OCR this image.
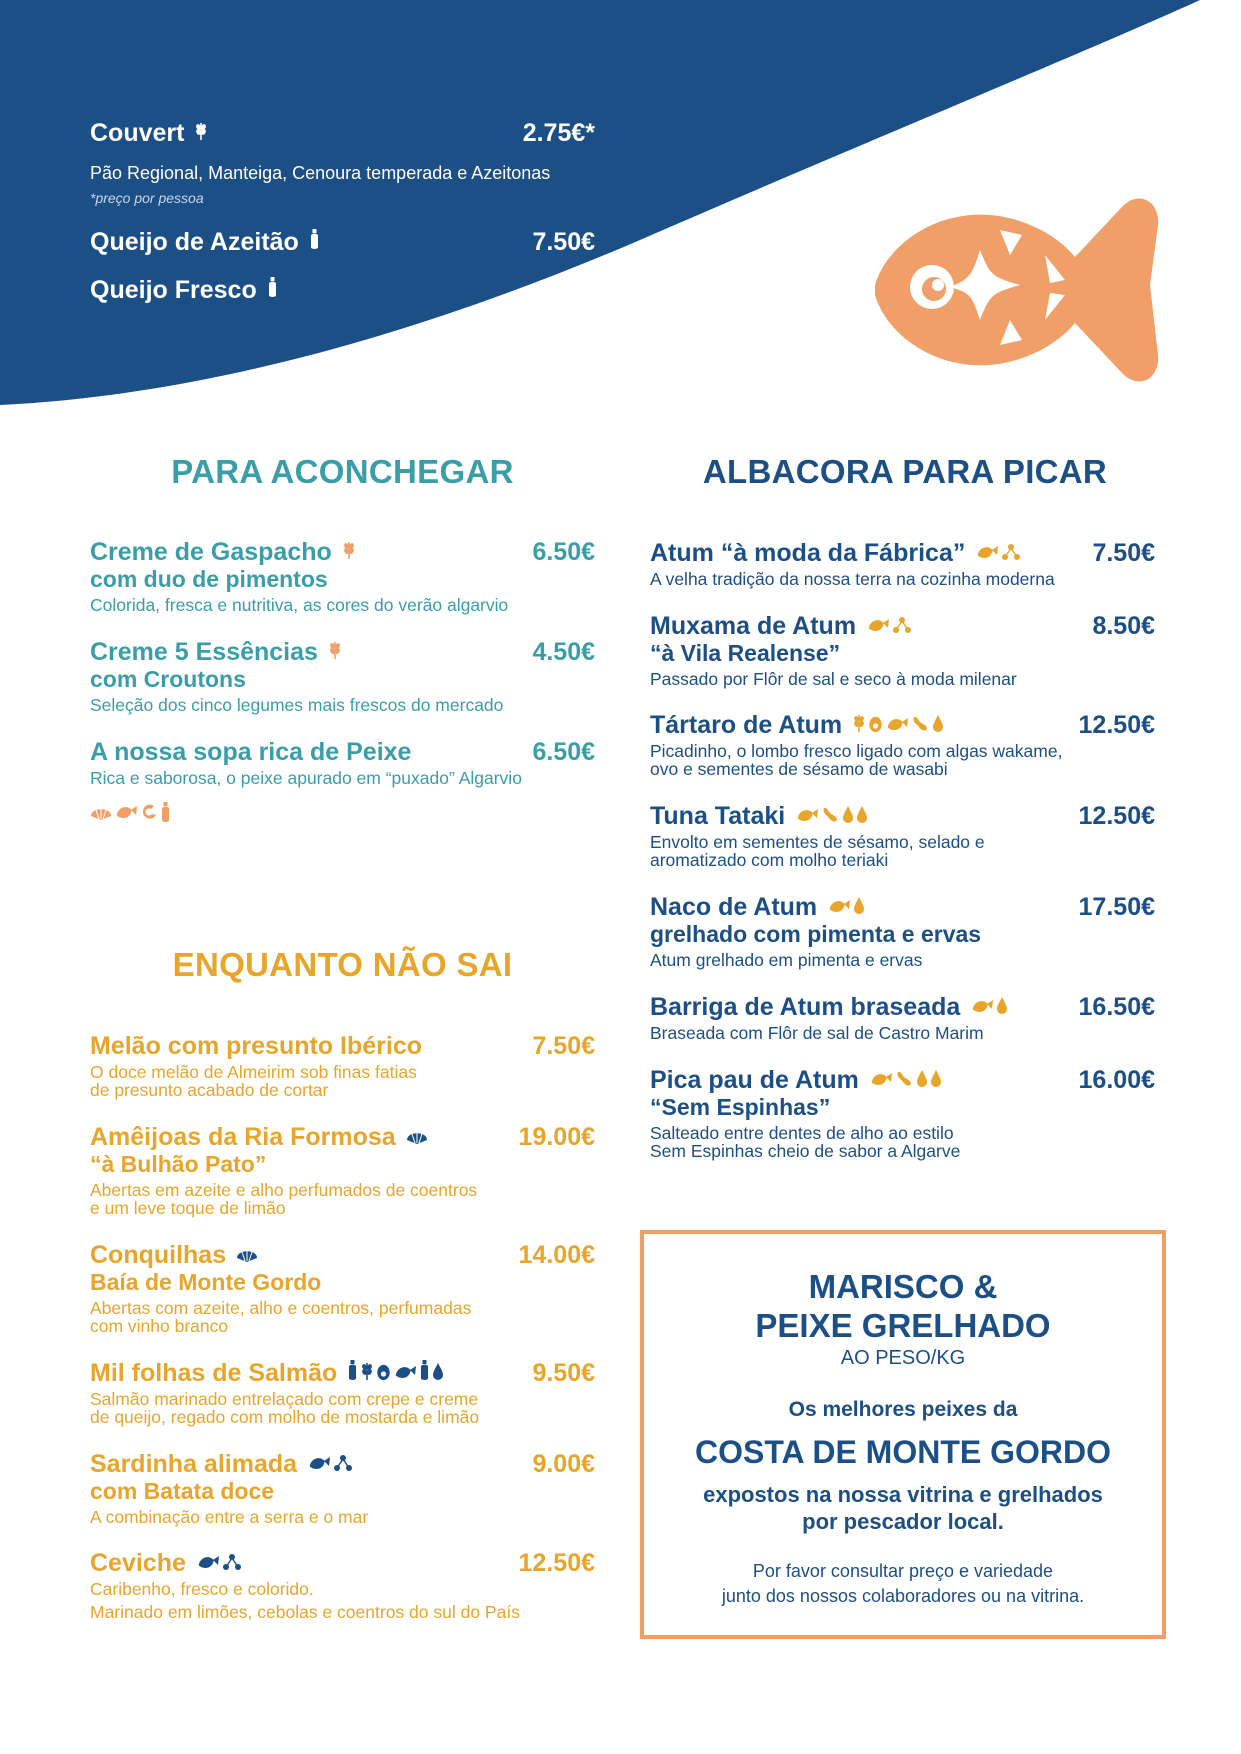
Couvert	2.75€*
Pão Regional, Manteiga, Cenoura temperada e Azeitonas
*preço por pessoa
Queijo de Azeitão	7.50€
Queijo Fresco	4.50€
PARA ACONCHEGAR	ALBACORA PARA PICAR
ENQUANTO NÃO SAI
Creme de Gaspacho	6.50€
com duo de pimentos
Colorida, fresca e nutritiva, as cores do verão algarvio
Creme 5 Essências	4.50€
com Croutons
Seleção dos cinco legumes mais frescos do mercado
A nossa sopa rica de Peixe	6.50€
Rica e saborosa, o peixe apurado em “puxado” Algarvio
Melão com presunto Ibérico	7.50€
O doce melão de Almeirim sob finas fatias
de presunto acabado de cortar
Amêijoas da Ria Formosa	19.00€
“à Bulhão Pato”
Abertas em azeite e alho perfumados de coentros
e um leve toque de limão
Conquilhas	14.00€
Baía de Monte Gordo
Abertas com azeite, alho e coentros, perfumadas
com vinho branco
Mil folhas de Salmão	9.50€
Salmão marinado entrelaçado com crepe e creme
de queijo, regado com molho de mostarda e limão
Sardinha alimada	9.00€
com Batata doce
A combinação entre a serra e o mar
Ceviche	12.50€
Caribenho, fresco e colorido.
Marinado em limões, cebolas e coentros do sul do País
Atum “à moda da Fábrica”	7.50€
A velha tradição da nossa terra na cozinha moderna
Muxama de Atum	8.50€
“à Vila Realense”
Passado por Flôr de sal e seco à moda milenar
Tártaro de Atum	12.50€
Picadinho, o lombo fresco ligado com algas wakame,
ovo e sementes de sésamo de wasabi
Tuna Tataki	12.50€
Envolto em sementes de sésamo, selado e
aromatizado com molho teriaki
Naco de Atum	17.50€
grelhado com pimenta e ervas
Atum grelhado em pimenta e ervas
Barriga de Atum braseada	16.50€
Braseada com Flôr de sal de Castro Marim
Pica pau de Atum	16.00€
“Sem Espinhas”
Salteado entre dentes de alho ao estilo
Sem Espinhas cheio de sabor a Algarve
MARISCO &
PEIXE GRELHADO
AO PESO/KG
Os melhores peixes da
COSTA DE MONTE GORDO
expostos na nossa vitrina e grelhados
por pescador local.
Por favor consultar preço e variedade
junto dos nossos colaboradores ou na vitrina.
